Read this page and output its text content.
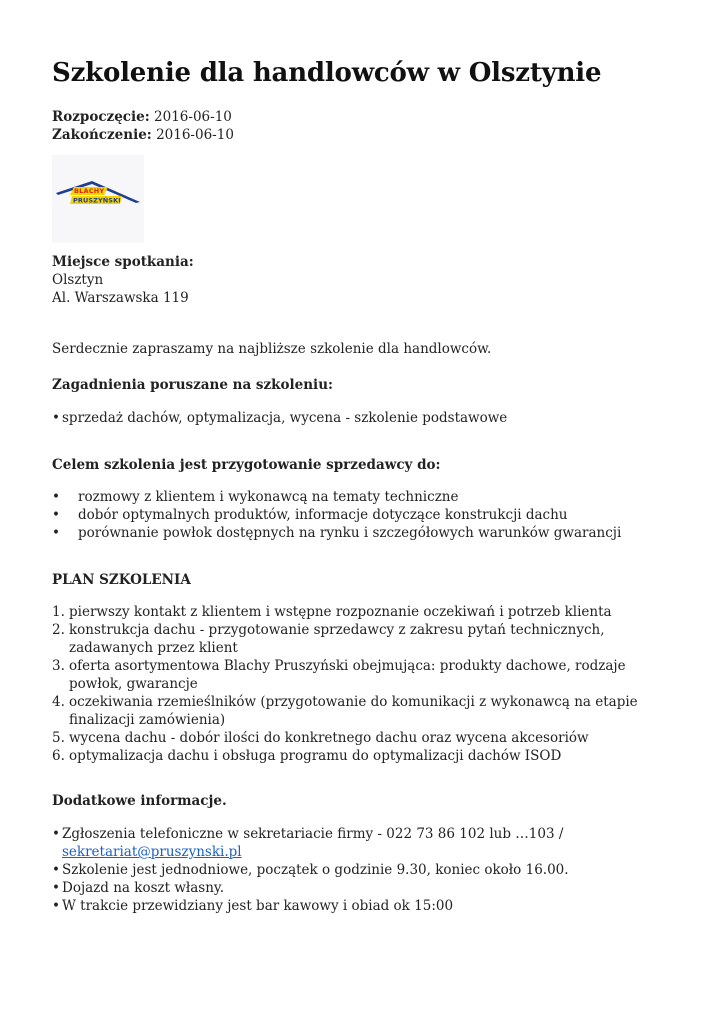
Szkolenie dla handlowców w Olsztynie
Rozpoczęcie: 2016-06-10
Zakończenie: 2016-06-10
BLACHY
PRUSZYŃSKI
Miejsce spotkania:
Olsztyn
Al. Warszawska 119
Serdecznie zapraszamy na najbliższe szkolenie dla handlowców.
Zagadnienia poruszane na szkoleniu:
• sprzedaż dachów, optymalizacja, wycena - szkolenie podstawowe
Celem szkolenia jest przygotowanie sprzedawcy do:
• rozmowy z klientem i wykonawcą na tematy techniczne
• dobór optymalnych produktów, informacje dotyczące konstrukcji dachu
• porównanie powłok dostępnych na rynku i szczegółowych warunków gwarancji
PLAN SZKOLENIA
1. pierwszy kontakt z klientem i wstępne rozpoznanie oczekiwań i potrzeb klienta
2. konstrukcja dachu - przygotowanie sprzedawcy z zakresu pytań technicznych, zadawanych przez klient
3. oferta asortymentowa Blachy Pruszyński obejmująca: produkty dachowe, rodzaje powłok, gwarancje
4. oczekiwania rzemieślników (przygotowanie do komunikacji z wykonawcą na etapie finalizacji zamówienia)
5. wycena dachu - dobór ilości do konkretnego dachu oraz wycena akcesoriów
6. optymalizacja dachu i obsługa programu do optymalizacji dachów ISOD
Dodatkowe informacje.
• Zgłoszenia telefoniczne w sekretariacie firmy - 022 73 86 102 lub …103 /
sekretariat@pruszynski.pl
• Szkolenie jest jednodniowe, początek o godzinie 9.30, koniec około 16.00.
• Dojazd na koszt własny.
• W trakcie przewidziany jest bar kawowy i obiad ok 15:00
